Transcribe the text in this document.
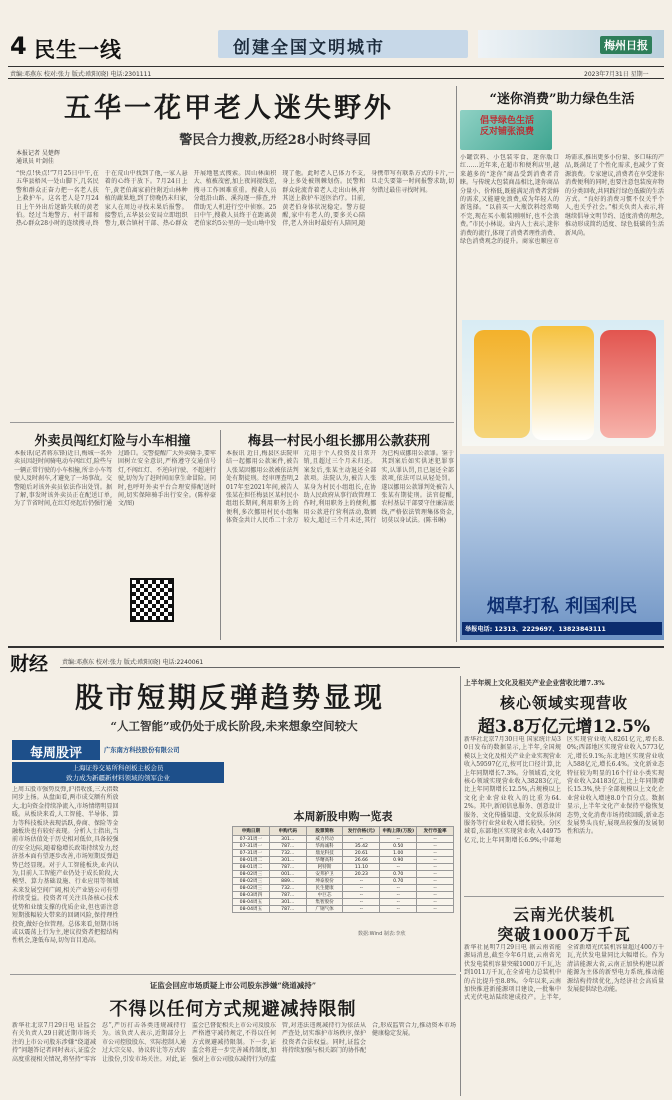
4 民生一线	创建全国文明城市	梅州日报
责编:邓燕东 校对:张力 版式:欧阳(晓) 电话:2301111	2023年7月31日 星期一
五华一花甲老人迷失野外
警民合力搜救,历经28小时终寻回
本报记者 吴楚辉
通讯员 叶剑佳
“快点!快点!”7月25日中午,在五华县梧风一处山脚下,几名民警和群众正奋力把一名老人扶上救护车。这名老人是7月24日上午外出后迷路失联的黄老伯。经过当地警方、村干部和热心群众28小时的连续搜寻,终于在荒山中找到了他,一家人悬着的心终于放下。7月24日上午,黄老伯离家前往附近山林种植的蔬果地,到了傍晚仍未归家,家人在周边寻找未果后报警。接警后,五华县公安局立即组织警力,联合镇村干部、热心群众开展地毯式搜索。因山林面积大、植被茂密,加上夜间视线差,搜寻工作困难重重。搜救人员分组沿山路、溪沟逐一排查,并借助无人机进行空中侦察。25日中午,搜救人员终于在距离黄老伯家约5公里的一处山坳中发现了他。此时老人已体力不支,身上多处被荆棘划伤。民警和群众轮流背着老人走出山林,将其送上救护车送医治疗。目前,黄老伯身体状况稳定。警方提醒,家中有老人的,要多关心陪伴,老人外出时最好有人陪同,随身携带写有联系方式的卡片,一旦走失要第一时间报警求助,切勿错过最佳寻找时间。
外卖员闯红灯险与小车相撞
本报讯(记者蒋东锋)近日,梅城一名外卖员因赶时间骑电动车闯红灯,险些与一辆正常行驶的小车相撞,所幸小车驾驶人及时刹车,才避免了一场事故。交警随后对该外卖员依法作出处罚。据了解,事发时该外卖员正在配送订单,为了节省时间,在红灯亮起后仍强行通过路口。交警提醒广大外卖骑手,要牢固树立安全意识,严格遵守交通信号灯,不闯红灯、不逆向行驶、不超速行驶,切勿为了赶时间而拿生命冒险。同时,也呼吁外卖平台合理安排配送时间,切实保障骑手出行安全。(陈梓豪 文/图)
梅县一村民小组长挪用公款获刑
本报讯 近日,梅县区法院审结一起挪用公款案件,被告人张某因挪用公款被依法判处有期徒刑。经审理查明,2017年至2021年间,被告人张某在担任梅县区某村民小组组长期间,利用职务上的便利,多次挪用村民小组集体资金共计人民币二十余万元用于个人投资及日常开销,且超过三个月未归还。案发后,张某主动退还全部款项。法院认为,被告人张某身为村民小组组长,在协助人民政府从事行政管理工作时,利用职务上的便利,挪用公款进行营利活动,数额较大,超过三个月未还,其行为已构成挪用公款罪。鉴于其到案后如实供述犯罪事实,认罪认罚,且已退还全部款项,依法可以从轻处罚。遂以挪用公款罪判处被告人张某有期徒刑。法官提醒,农村基层干部要守住廉洁底线,严格依法管理集体资金,切莫以身试法。(陈书琳)
“迷你消费”助力绿色生活
倡导绿色生活
反对铺张浪费
小罐饮料、小包装零食、迷你版口红……近年来,在超市和便利店里,越来越多的“迷你”商品受到消费者青睐。与传统大包装商品相比,迷你商品分量小、价格低,既能满足消费者尝鲜的需求,又能避免浪费,成为年轻人的新选择。“以前买一大瓶饮料经常喝不完,现在买小瓶装刚刚好,也不会浪费。”市民小林说。业内人士表示,迷你消费的流行,体现了消费者理性消费、绿色消费观念的提升。商家也顺应市场需求,推出更多小份量、多口味的产品,既满足了个性化需求,也减少了资源浪费。专家建议,消费者在享受迷你消费便利的同时,也要注意包装废弃物的分类回收,共同践行绿色低碳的生活方式。“良好的消费习惯不仅关乎个人,也关乎社会。”相关负责人表示,将继续倡导文明节约、适度消费的理念,推动形成简约适度、绿色低碳的生活新风尚。
烟草打私 利国利民
举报电话: 12313、2229697、13823843111
财经 责编:邓燕东 校对:张力 版式:欧阳(晓) 电话:2240061
股市短期反弹趋势显现
“人工智能”或仍处于成长阶段,未来想象空间较大
每周股评	广东南方科技股份有限公司
上海证券交易所科创板主板会员
致力成为新疆新材料领域的领军企业
上周五股市强势反弹,沪指收涨,三大指数同步上扬。从盘面看,两市成交额有所放大,北向资金持续净流入,市场情绪明显回暖。从板块来看,人工智能、半导体、算力等科技板块表现活跃,券商、保险等金融板块也有较好表现。分析人士指出,当前市场估值处于历史相对低位,具备较强的安全边际,随着稳增长政策持续发力,经济基本面有望逐步改善,市场短期反弹趋势已经显现。对于人工智能板块,业内认为,目前人工智能产业仍处于成长阶段,大模型、算力基础设施、行业应用等领域未来发展空间广阔,相关产业链公司有望持续受益。投资者可关注具备核心技术优势和业绩支撑的优质企业,但也需注意短期涨幅较大带来的回调风险,保持理性投资,做好仓位管理。总体来看,短期市场或以震荡上行为主,建议投资者把握结构性机会,逢低布局,切勿盲目追高。
本周新股申购一览表
申购日期	申购代码	股票简称	发行价格(元)	申购上限(万股)	发行市盈率
07-31周一	301...	威力传动	--	--	--
07-31周一	787...	华海诚科	35.42	0.50	--
07-31周一	732...	鼎龙科技	20.61	1.00	--
08-01周二	301...	华曙高科	26.66	0.90	--
08-01周二	787...	阿特斯	11.10	--	--
08-02周三	001...	安邦护卫	20.23	0.70	--
08-02周三	889...	坤泰股份	--	0.70	--
08-02周三	732...	民生健康	--	--	--
08-03周四	787...	中巨芯	--	--	--
08-04周五	301...	集智股份	--	--	--
08-04周五	787...	广钢气体	--	--	--
数据:Wind 制表:李欣
上半年规上文化及相关产业企业营收比增7.3%
核心领域实现营收
超3.8万亿元增12.5%
新华社北京7月30日电 国家统计局30日发布的数据显示,上半年,全国规模以上文化及相关产业企业实现营业收入59597亿元,按可比口径计算,比上年同期增长7.3%。分领域看,文化核心领域实现营业收入38283亿元,比上年同期增长12.5%,占规模以上文化企业营业收入的比重为64.2%。其中,新闻信息服务、创意设计服务、文化传播渠道、文化娱乐休闲服务等行业营业收入增长较快。分区域看,东部地区实现营业收入44975亿元,比上年同期增长6.9%;中部地区实现营业收入8261亿元,增长8.0%;西部地区实现营业收入5773亿元,增长9.1%;东北地区实现营业收入588亿元,增长6.4%。文化新业态特征较为明显的16个行业小类实现营业收入24183亿元,比上年同期增长15.3%,快于全部规模以上文化企业营业收入增速8.0个百分点。数据显示,上半年文化产业保持平稳恢复态势,文化消费市场持续回暖,新业态发展势头良好,展现出较强的发展韧性和活力。
云南光伏装机
突破1000万千瓦
新华社昆明7月29日电 据云南省能源局消息,截至今年6月底,云南省光伏发电装机容量突破1000万千瓦,达到1011万千瓦,在全省电力总装机中的占比提升至8.8%。今年以来,云南加快推进新能源项目建设,一批集中式光伏电站陆续建成投产。上半年,全省新增光伏装机容量超过400万千瓦,光伏发电量同比大幅增长。作为清洁能源大省,云南正加快构建以新能源为主体的新型电力系统,推动能源结构持续优化,为经济社会高质量发展提供绿色动能。
证监会回应市场质疑上市公司股东涉嫌“绕道减持”
不得以任何方式规避减持限制
新华社北京7月29日电 证监会有关负责人29日就近期市场关注的上市公司股东涉嫌“绕道减持”问题答记者问时表示,证监会高度重视相关情况,将坚持“零容忍”,严厉打击各类违规减持行为。该负责人表示,近期部分上市公司控股股东、实际控制人通过大宗交易、协议转让等方式转让股份,引发市场关注。对此,证监会已督促相关上市公司及股东严格遵守减持规定,不得以任何方式规避减持限制。下一步,证监会将进一步完善减持制度,加强对上市公司股东减持行为的监管,对违法违规减持行为依法从严查处,切实维护市场秩序,保护投资者合法权益。同时,证监会将持续加强与相关部门的协作配合,形成监管合力,推动资本市场健康稳定发展。
